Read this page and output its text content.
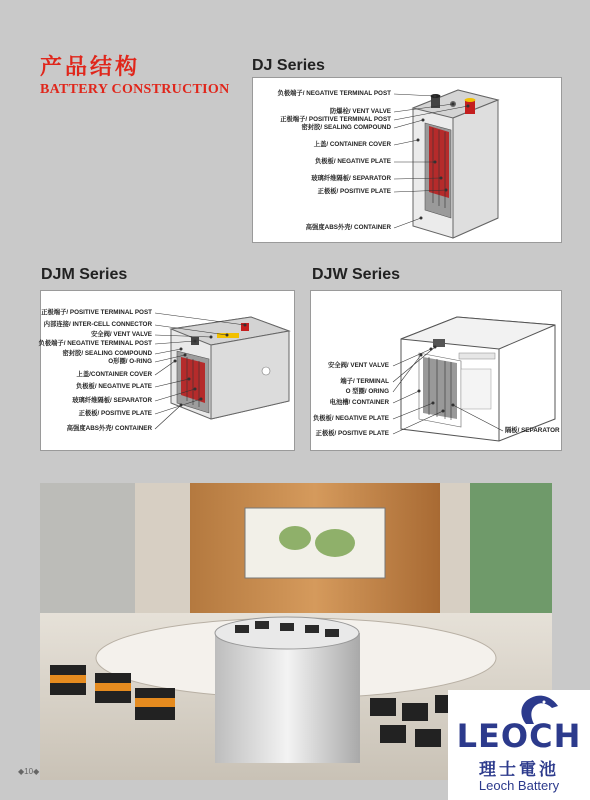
产品结构
BATTERY CONSTRUCTION
DJ Series
负极端子/ NEGATIVE TERMINAL POST
防爆栓/ VENT VALVE
正极端子/ POSITIVE TERMINAL POST
密封胶/ SEALING COMPOUND
上盖/ CONTAINER COVER
负极板/ NEGATIVE PLATE
玻璃纤维隔板/ SEPARATOR
正极板/ POSITIVE PLATE
高强度ABS外壳/ CONTAINER
DJM Series
正极端子/ POSITIVE TERMINAL POST
内部连接/ INTER-CELL CONNECTOR
安全阀/ VENT VALVE
负极端子/ NEGATIVE TERMINAL POST
密封胶/ SEALING COMPOUND
O形圈/ O-RING
上盖/CONTAINER COVER
负极板/ NEGATIVE PLATE
玻璃纤维隔板/ SEPARATOR
正极板/ POSITIVE PLATE
高强度ABS外壳/ CONTAINER
DJW Series
安全阀/ VENT VALVE
端子/ TERMINAL
O 型圈/ ORING
电池槽/ CONTAINER
负极板/ NEGATIVE PLATE
正极板/ POSITIVE PLATE	隔板/ SEPARATOR
◆10◆
LEOCH
理士電池
Leoch Battery
